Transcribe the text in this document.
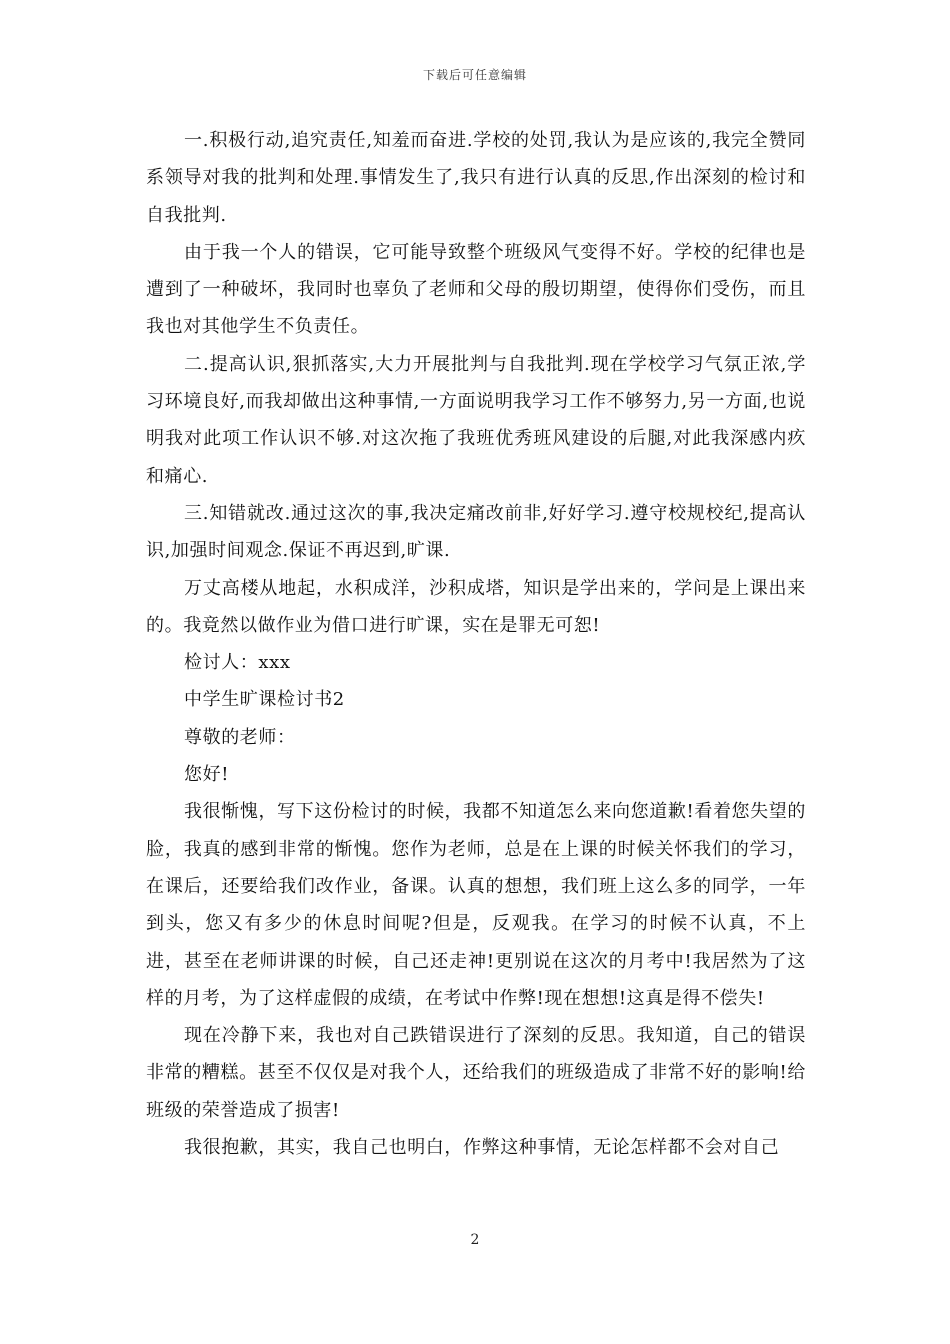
下载后可任意编辑

一.积极行动,追究责任,知羞而奋进.学校的处罚,我认为是应该的,我完全赞同系领导对我的批判和处理.事情发生了,我只有进行认真的反思,作出深刻的检讨和自我批判.

由于我一个人的错误，它可能导致整个班级风气变得不好。学校的纪律也是遭到了一种破坏，我同时也辜负了老师和父母的殷切期望，使得你们受伤，而且我也对其他学生不负责任。

二.提高认识,狠抓落实,大力开展批判与自我批判.现在学校学习气氛正浓,学习环境良好,而我却做出这种事情,一方面说明我学习工作不够努力,另一方面,也说明我对此项工作认识不够.对这次拖了我班优秀班风建设的后腿,对此我深感内疚和痛心.

三.知错就改.通过这次的事,我决定痛改前非,好好学习.遵守校规校纪,提高认识,加强时间观念.保证不再迟到,旷课.

万丈高楼从地起，水积成洋，沙积成塔，知识是学出来的，学问是上课出来的。我竟然以做作业为借口进行旷课，实在是罪无可恕!

检讨人：xxx

中学生旷课检讨书2

尊敬的老师：

您好!

我很惭愧，写下这份检讨的时候，我都不知道怎么来向您道歉!看着您失望的脸，我真的感到非常的惭愧。您作为老师，总是在上课的时候关怀我们的学习，在课后，还要给我们改作业，备课。认真的想想，我们班上这么多的同学，一年到头，您又有多少的休息时间呢?但是，反观我。在学习的时候不认真，不上进，甚至在老师讲课的时候，自己还走神!更别说在这次的月考中!我居然为了这样的月考，为了这样虚假的成绩，在考试中作弊!现在想想!这真是得不偿失!

现在冷静下来，我也对自己跌错误进行了深刻的反思。我知道，自己的错误非常的糟糕。甚至不仅仅是对我个人，还给我们的班级造成了非常不好的影响!给班级的荣誉造成了损害!

我很抱歉，其实，我自己也明白，作弊这种事情，无论怎样都不会对自己

2
